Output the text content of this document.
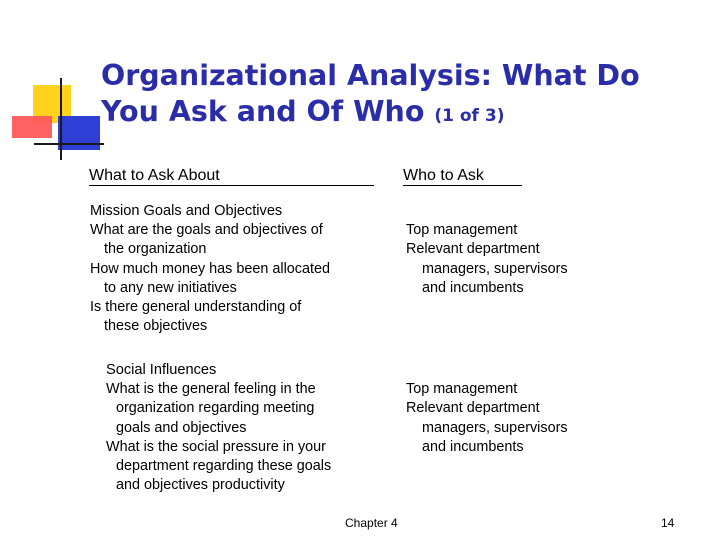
Organizational Analysis: What Do You Ask and Of Who (1 of 3)
What to Ask About	Who to Ask
Mission Goals and Objectives
What are the goals and objectives of
the organization
How much money has been allocated
to any new initiatives
Is there general understanding of
these objectives
Top management
Relevant department
managers, supervisors
and incumbents
Social Influences
What is the general feeling in the
organization regarding meeting
goals and objectives
What is the social pressure in your
department regarding these goals
and objectives productivity
Top management
Relevant department
managers, supervisors
and incumbents
Chapter 4	14
